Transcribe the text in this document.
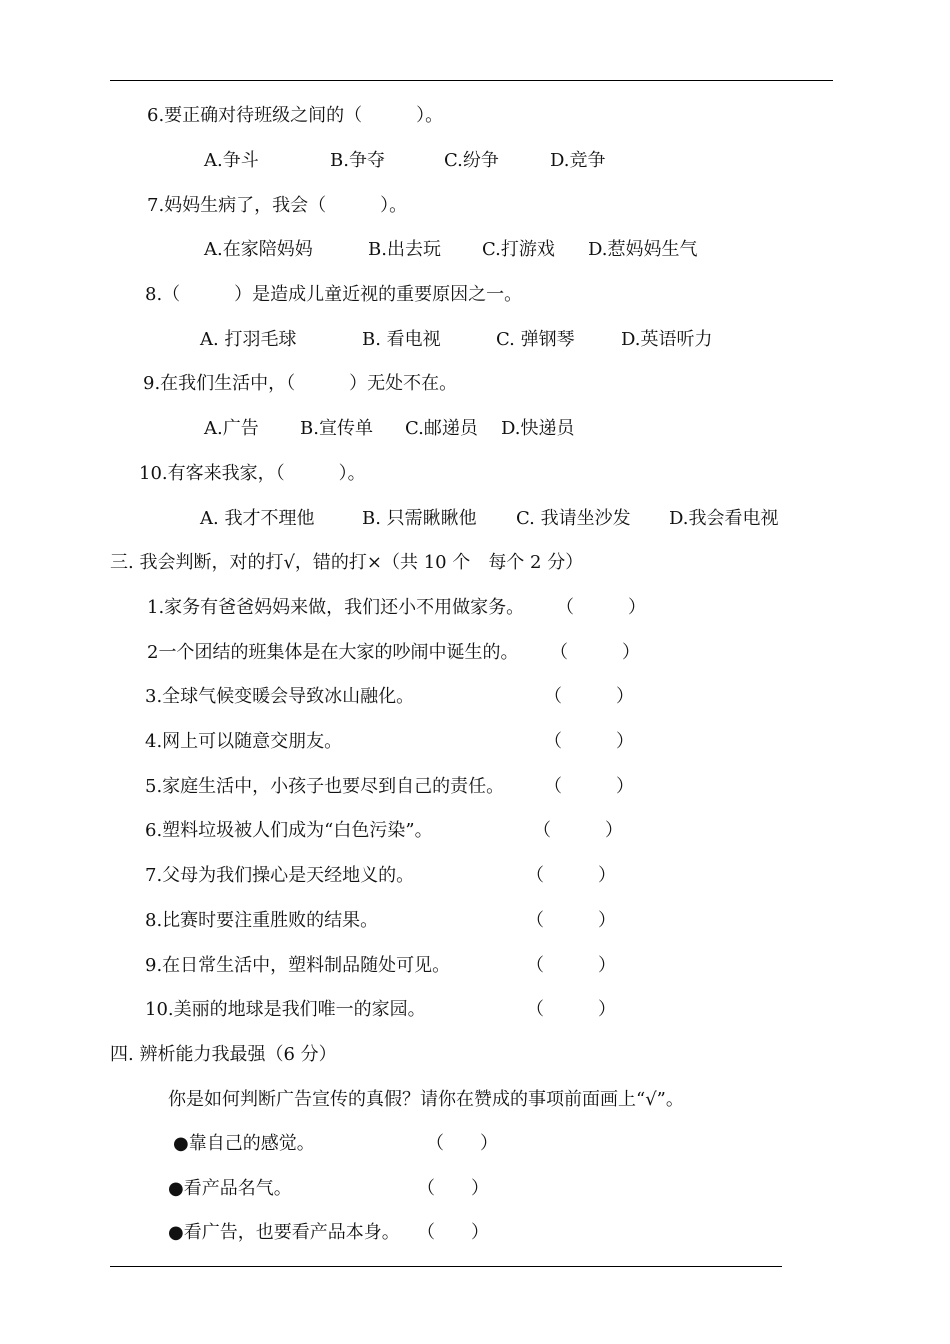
6.要正确对待班级之间的（　　　）。
A.争斗	B.争夺	C.纷争	D.竞争
7.妈妈生病了，我会（　　　）。
A.在家陪妈妈	B.出去玩 C.打游戏 D.惹妈妈生气
8.（　　　）是造成儿童近视的重要原因之一。
A. 打羽毛球	B. 看电视	C. 弹钢琴	D.英语听力
9.在我们生活中，（　　　）无处不在。
A.广告 B.宣传单 C.邮递员 D.快递员
10.有客来我家，（　　　）。
A. 我才不理他	B. 只需瞅瞅他 C. 我请坐沙发 D.我会看电视
三. 我会判断，对的打√，错的打×（共 10 个　每个 2 分）
1.家务有爸爸妈妈来做，我们还小不用做家务。 （　　　）
2一个团结的班集体是在大家的吵闹中诞生的。 （　　　）
3.全球气候变暖会导致冰山融化。	（　　　）
4.网上可以随意交朋友。	（　　　）
5.家庭生活中，小孩子也要尽到自己的责任。 （　　　）
6.塑料垃圾被人们成为“白色污染”。	（　　　）
7.父母为我们操心是天经地义的。	（　　　）
8.比赛时要注重胜败的结果。	（　　　）
9.在日常生活中，塑料制品随处可见。	（　　　）
10.美丽的地球是我们唯一的家园。	（　　　）
四. 辨析能力我最强（6 分）
你是如何判断广告宣传的真假？请你在赞成的事项前面画上“√”。
●靠自己的感觉。	（　　）
●看产品名气。	（　　）
●看广告，也要看产品本身。 （　　）
